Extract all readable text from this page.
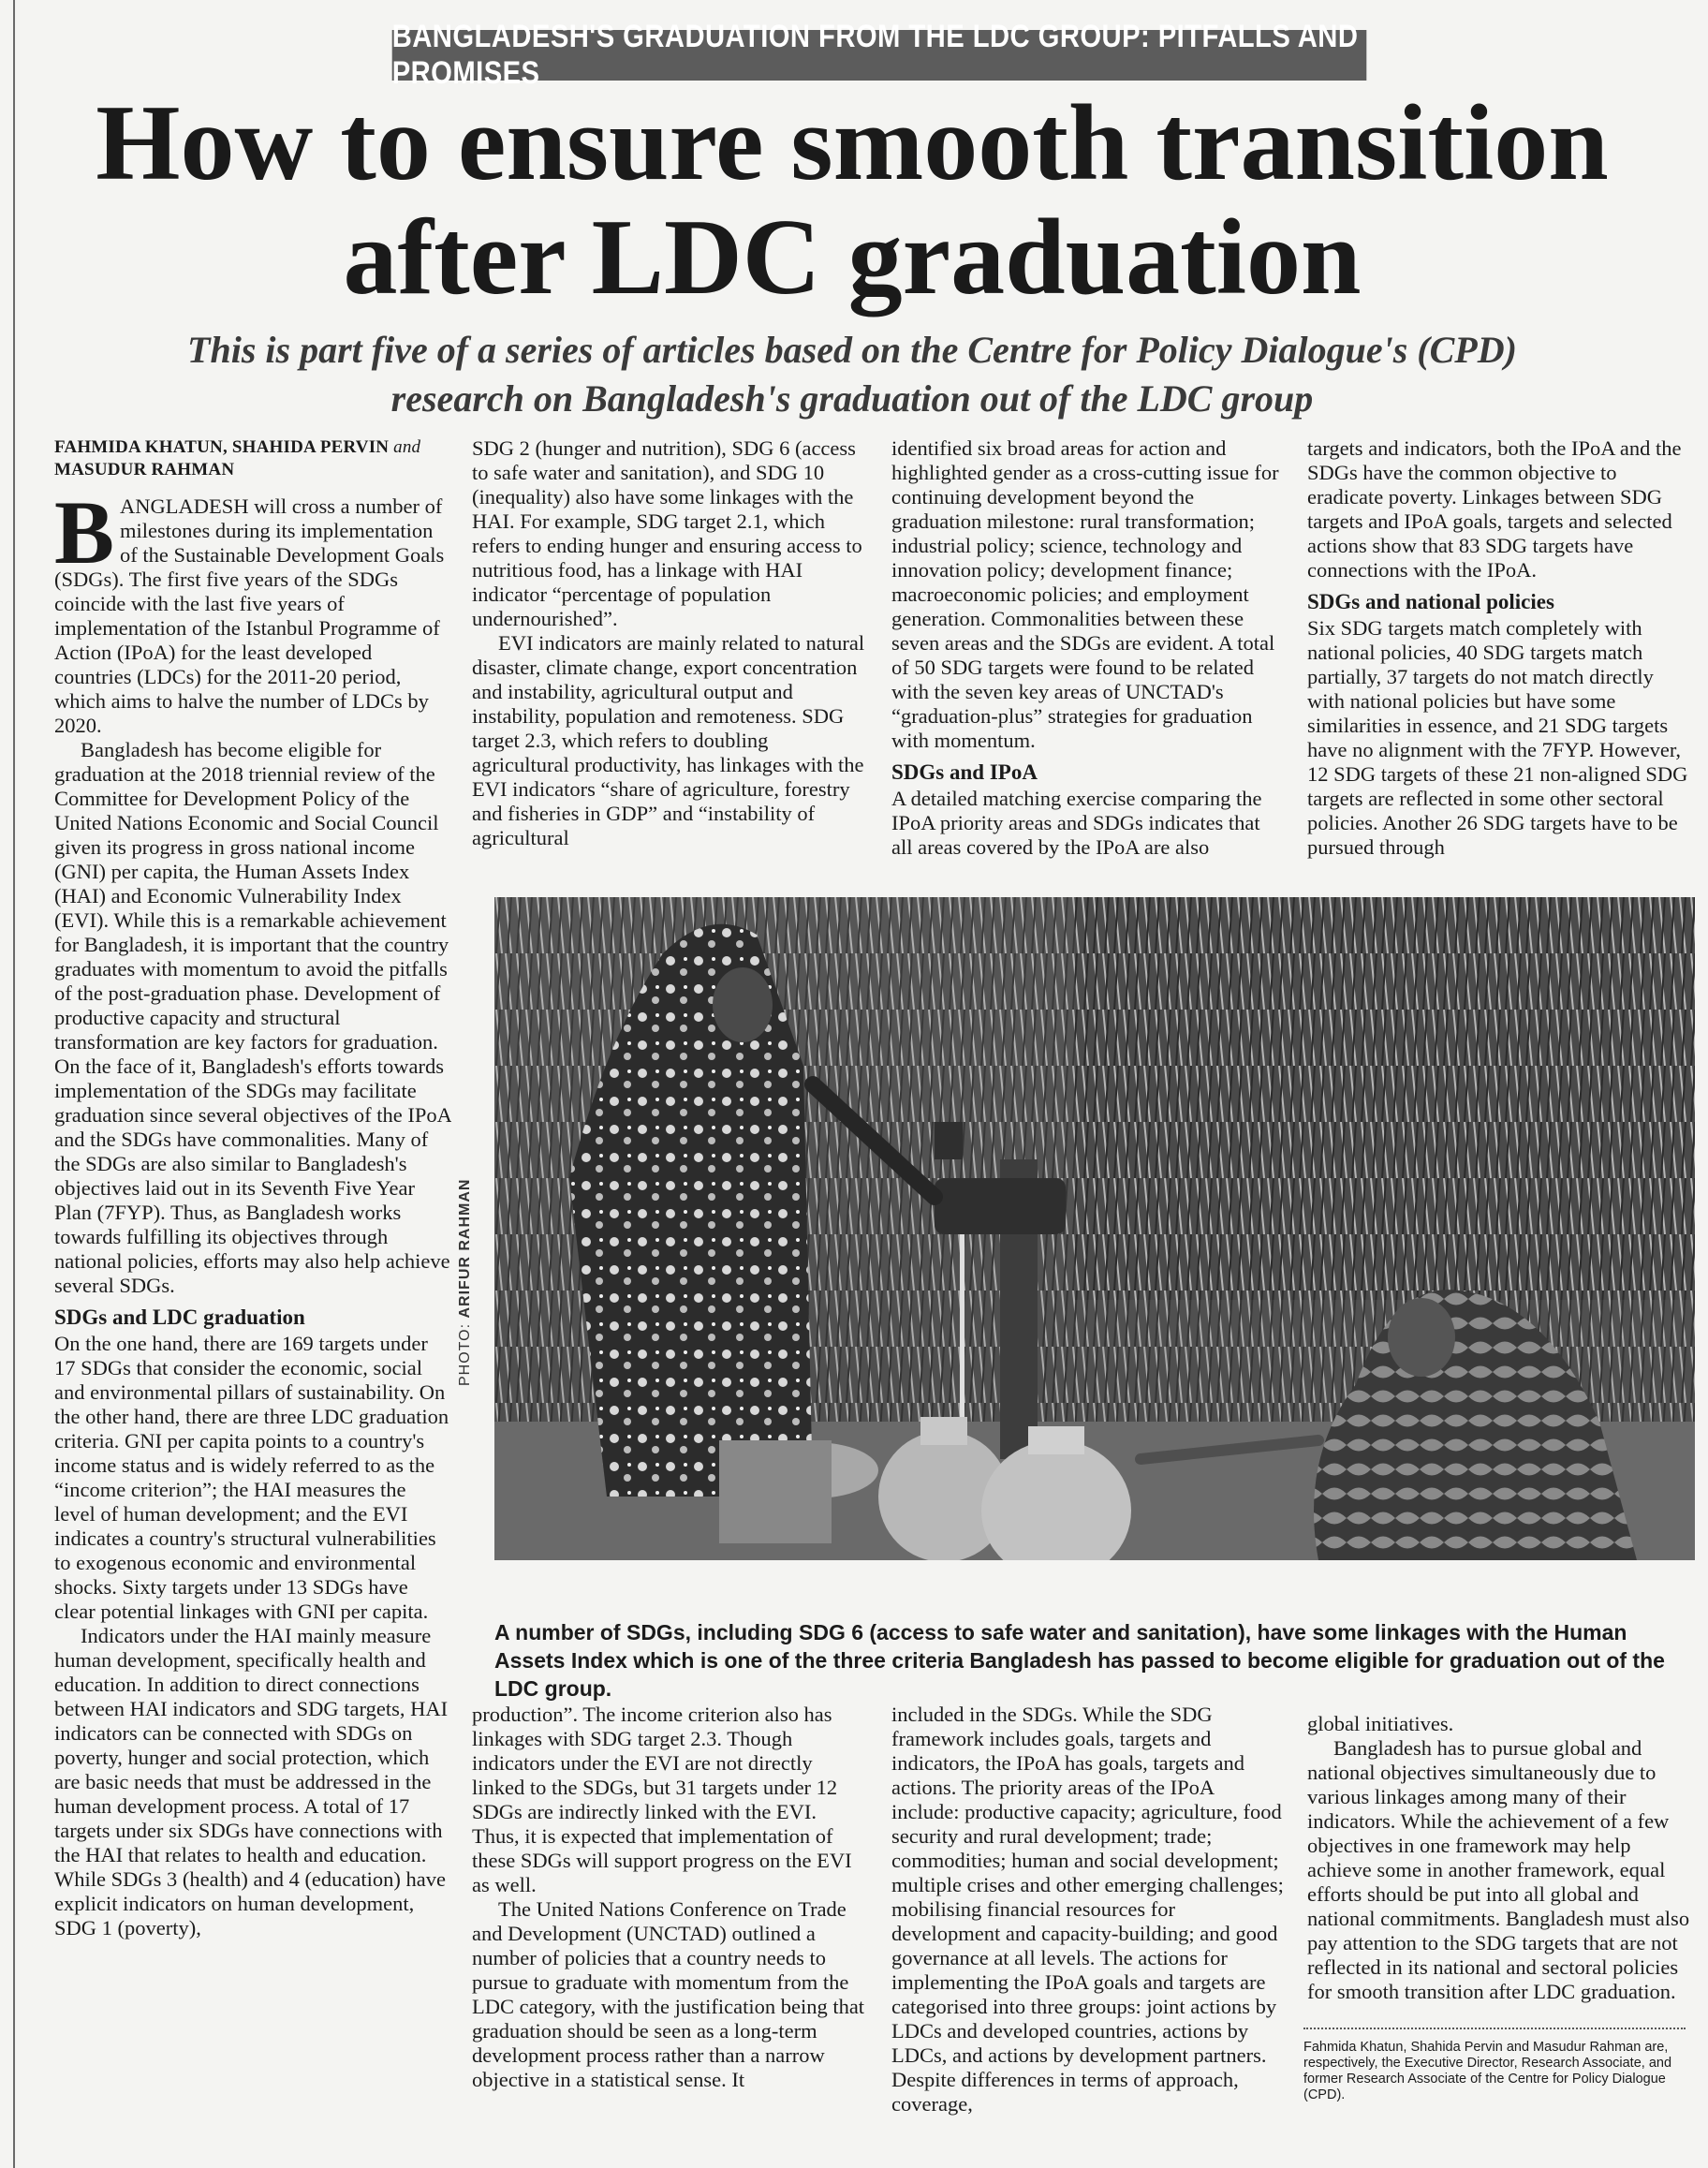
BANGLADESH'S GRADUATION FROM THE LDC GROUP: PITFALLS AND PROMISES
How to ensure smooth transition
after LDC graduation

This is part five of a series of articles based on the Centre for Policy Dialogue's (CPD)
research on Bangladesh's graduation out of the LDC group

FAHMIDA KHATUN, SHAHIDA PERVIN and
MASUDUR RAHMAN

BANGLADESH will cross a number of milestones during its implementation of the Sustainable Development Goals (SDGs). The first five years of the SDGs coincide with the last five years of implementation of the Istanbul Programme of Action (IPoA) for the least developed countries (LDCs) for the 2011-20 period, which aims to halve the number of LDCs by 2020.

Bangladesh has become eligible for graduation at the 2018 triennial review of the Committee for Development Policy of the United Nations Economic and Social Council given its progress in gross national income (GNI) per capita, the Human Assets Index (HAI) and Economic Vulnerability Index (EVI). While this is a remarkable achievement for Bangladesh, it is important that the country graduates with momentum to avoid the pitfalls of the post-graduation phase. Development of productive capacity and structural transformation are key factors for graduation. On the face of it, Bangladesh's efforts towards implementation of the SDGs may facilitate graduation since several objectives of the IPoA and the SDGs have commonalities. Many of the SDGs are also similar to Bangladesh's objectives laid out in its Seventh Five Year Plan (7FYP). Thus, as Bangladesh works towards fulfilling its objectives through national policies, efforts may also help achieve several SDGs.

SDGs and LDC graduation

On the one hand, there are 169 targets under 17 SDGs that consider the economic, social and environmental pillars of sustainability. On the other hand, there are three LDC graduation criteria. GNI per capita points to a country's income status and is widely referred to as the “income criterion”; the HAI measures the level of human development; and the EVI indicates a country's structural vulnerabilities to exogenous economic and environmental shocks. Sixty targets under 13 SDGs have clear potential linkages with GNI per capita.

Indicators under the HAI mainly measure human development, specifically health and education. In addition to direct connections between HAI indicators and SDG targets, HAI indicators can be connected with SDGs on poverty, hunger and social protection, which are basic needs that must be addressed in the human development process. A total of 17 targets under six SDGs have connections with the HAI that relates to health and education. While SDGs 3 (health) and 4 (education) have explicit indicators on human development, SDG 1 (poverty),

SDG 2 (hunger and nutrition), SDG 6 (access to safe water and sanitation), and SDG 10 (inequality) also have some linkages with the HAI. For example, SDG target 2.1, which refers to ending hunger and ensuring access to nutritious food, has a linkage with HAI indicator “percentage of population undernourished”.

EVI indicators are mainly related to natural disaster, climate change, export concentration and instability, agricultural output and instability, population and remoteness. SDG target 2.3, which refers to doubling agricultural productivity, has linkages with the EVI indicators “share of agriculture, forestry and fisheries in GDP” and “instability of agricultural

identified six broad areas for action and highlighted gender as a cross-cutting issue for continuing development beyond the graduation milestone: rural transformation; industrial policy; science, technology and innovation policy; development finance; macroeconomic policies; and employment generation. Commonalities between these seven areas and the SDGs are evident. A total of 50 SDG targets were found to be related with the seven key areas of UNCTAD's “graduation-plus” strategies for graduation with momentum.

SDGs and IPoA

A detailed matching exercise comparing the IPoA priority areas and SDGs indicates that all areas covered by the IPoA are also

targets and indicators, both the IPoA and the SDGs have the common objective to eradicate poverty. Linkages between SDG targets and IPoA goals, targets and selected actions show that 83 SDG targets have connections with the IPoA.

SDGs and national policies

Six SDG targets match completely with national policies, 40 SDG targets match partially, 37 targets do not match directly with national policies but have some similarities in essence, and 21 SDG targets have no alignment with the 7FYP. However, 12 SDG targets of these 21 non-aligned SDG targets are reflected in some other sectoral policies. Another 26 SDG targets have to be pursued through

PHOTO: ARIFUR RAHMAN
A number of SDGs, including SDG 6 (access to safe water and sanitation), have some linkages with the Human Assets Index which is one of the three criteria Bangladesh has passed to become eligible for graduation out of the LDC group.

production”. The income criterion also has linkages with SDG target 2.3. Though indicators under the EVI are not directly linked to the SDGs, but 31 targets under 12 SDGs are indirectly linked with the EVI. Thus, it is expected that implementation of these SDGs will support progress on the EVI as well.

The United Nations Conference on Trade and Development (UNCTAD) outlined a number of policies that a country needs to pursue to graduate with momentum from the LDC category, with the justification being that graduation should be seen as a long-term development process rather than a narrow objective in a statistical sense. It

included in the SDGs. While the SDG framework includes goals, targets and indicators, the IPoA has goals, targets and actions. The priority areas of the IPoA include: productive capacity; agriculture, food security and rural development; trade; commodities; human and social development; multiple crises and other emerging challenges; mobilising financial resources for development and capacity-building; and good governance at all levels. The actions for implementing the IPoA goals and targets are categorised into three groups: joint actions by LDCs and developed countries, actions by LDCs, and actions by development partners. Despite differences in terms of approach, coverage,

global initiatives.

Bangladesh has to pursue global and national objectives simultaneously due to various linkages among many of their indicators. While the achievement of a few objectives in one framework may help achieve some in another framework, equal efforts should be put into all global and national commitments. Bangladesh must also pay attention to the SDG targets that are not reflected in its national and sectoral policies for smooth transition after LDC graduation.

Fahmida Khatun, Shahida Pervin and Masudur Rahman are, respectively, the Executive Director, Research Associate, and former Research Associate of the Centre for Policy Dialogue (CPD).
